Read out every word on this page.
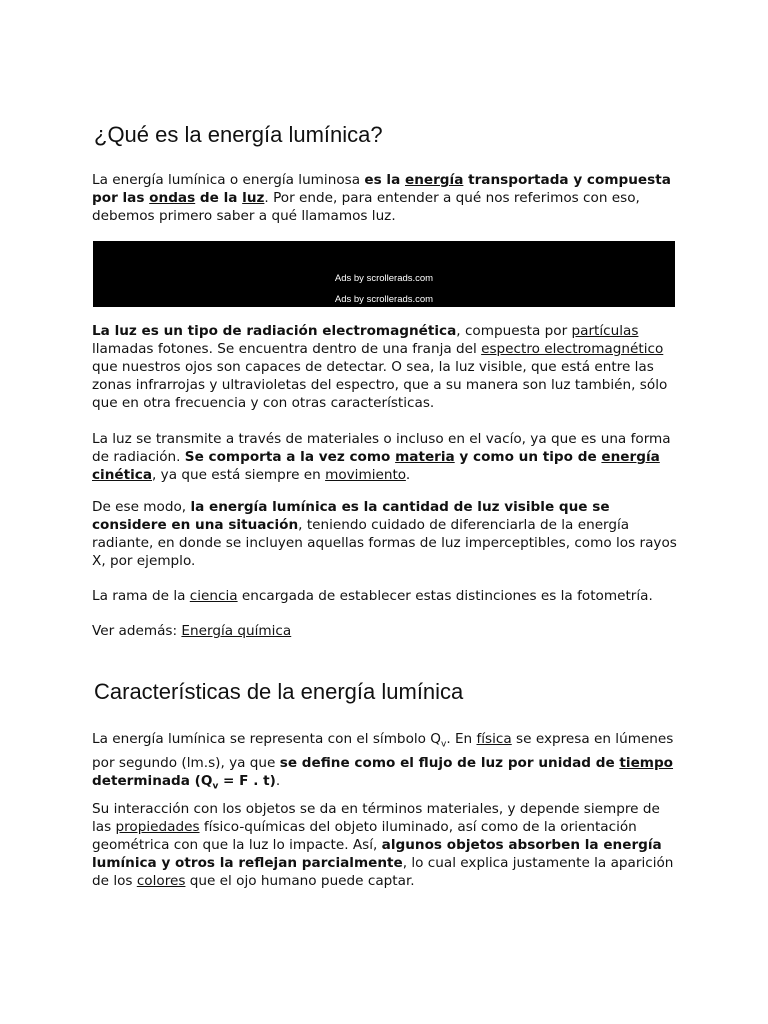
¿Qué es la energía lumínica?

La energía lumínica o energía luminosa es la energía transportada y compuesta por las ondas de la luz. Por ende, para entender a qué nos referimos con eso, debemos primero saber a qué llamamos luz.

Ads by scrollerads.com
Ads by scrollerads.com

La luz es un tipo de radiación electromagnética, compuesta por partículas llamadas fotones. Se encuentra dentro de una franja del espectro electromagnético que nuestros ojos son capaces de detectar. O sea, la luz visible, que está entre las zonas infrarrojas y ultravioletas del espectro, que a su manera son luz también, sólo que en otra frecuencia y con otras características.

La luz se transmite a través de materiales o incluso en el vacío, ya que es una forma de radiación. Se comporta a la vez como materia y como un tipo de energía cinética, ya que está siempre en movimiento.

De ese modo, la energía lumínica es la cantidad de luz visible que se considere en una situación, teniendo cuidado de diferenciarla de la energía radiante, en donde se incluyen aquellas formas de luz imperceptibles, como los rayos X, por ejemplo.

La rama de la ciencia encargada de establecer estas distinciones es la fotometría.

Ver además: Energía química

Características de la energía lumínica

La energía lumínica se representa con el símbolo $Q_v$. En física se expresa en lúmenes por segundo (lm.s), ya que se define como el flujo de luz por unidad de tiempo determinada ($Q_v = F$ . t).

Su interacción con los objetos se da en términos materiales, y depende siempre de las propiedades físico-químicas del objeto iluminado, así como de la orientación geométrica con que la luz lo impacte. Así, algunos objetos absorben la energía lumínica y otros la reflejan parcialmente, lo cual explica justamente la aparición de los colores que el ojo humano puede captar.
